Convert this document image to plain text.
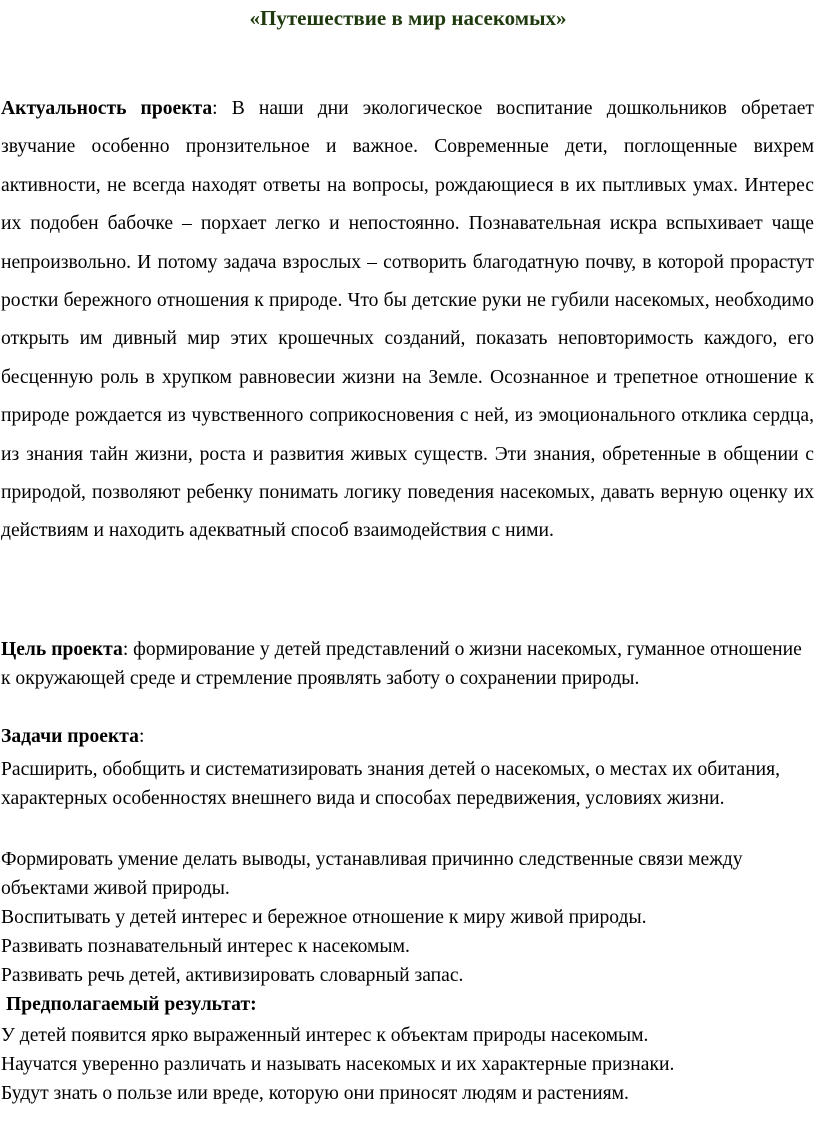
«Путешествие в мир насекомых»

Актуальность проекта: В наши дни экологическое воспитание дошкольников обретает звучание особенно пронзительное и важное. Современные дети, поглощенные вихрем активности, не всегда находят ответы на вопросы, рождающиеся в их пытливых умах. Интерес их подобен бабочке – порхает легко и непостоянно. Познавательная искра вспыхивает чаще непроизвольно. И потому задача взрослых – сотворить благодатную почву, в которой прорастут ростки бережного отношения к природе. Что бы детские руки не губили насекомых, необходимо открыть им дивный мир этих крошечных созданий, показать неповторимость каждого, его бесценную роль в хрупком равновесии жизни на Земле. Осознанное и трепетное отношение к природе рождается из чувственного соприкосновения с ней, из эмоционального отклика сердца, из знания тайн жизни, роста и развития живых существ. Эти знания, обретенные в общении с природой, позволяют ребенку понимать логику поведения насекомых, давать верную оценку их действиям и находить адекватный способ взаимодействия с ними.

Цель проекта: формирование у детей представлений о жизни насекомых, гуманное отношение к окружающей среде и стремление проявлять заботу о сохранении природы.

Задачи проекта:

Расширить, обобщить и систематизировать знания детей о насекомых, о местах их обитания, характерных особенностях внешнего вида и способах передвижения, условиях жизни.

Формировать умение делать выводы, устанавливая причинно следственные связи между объектами живой природы.

Воспитывать у детей интерес и бережное отношение к миру живой природы.

Развивать познавательный интерес к насекомым.

Развивать речь детей, активизировать словарный запас.

Предполагаемый результат:

У детей появится ярко выраженный интерес к объектам природы насекомым.

Научатся уверенно различать и называть насекомых и их характерные признаки.

Будут знать о пользе или вреде, которую они приносят людям и растениям.
